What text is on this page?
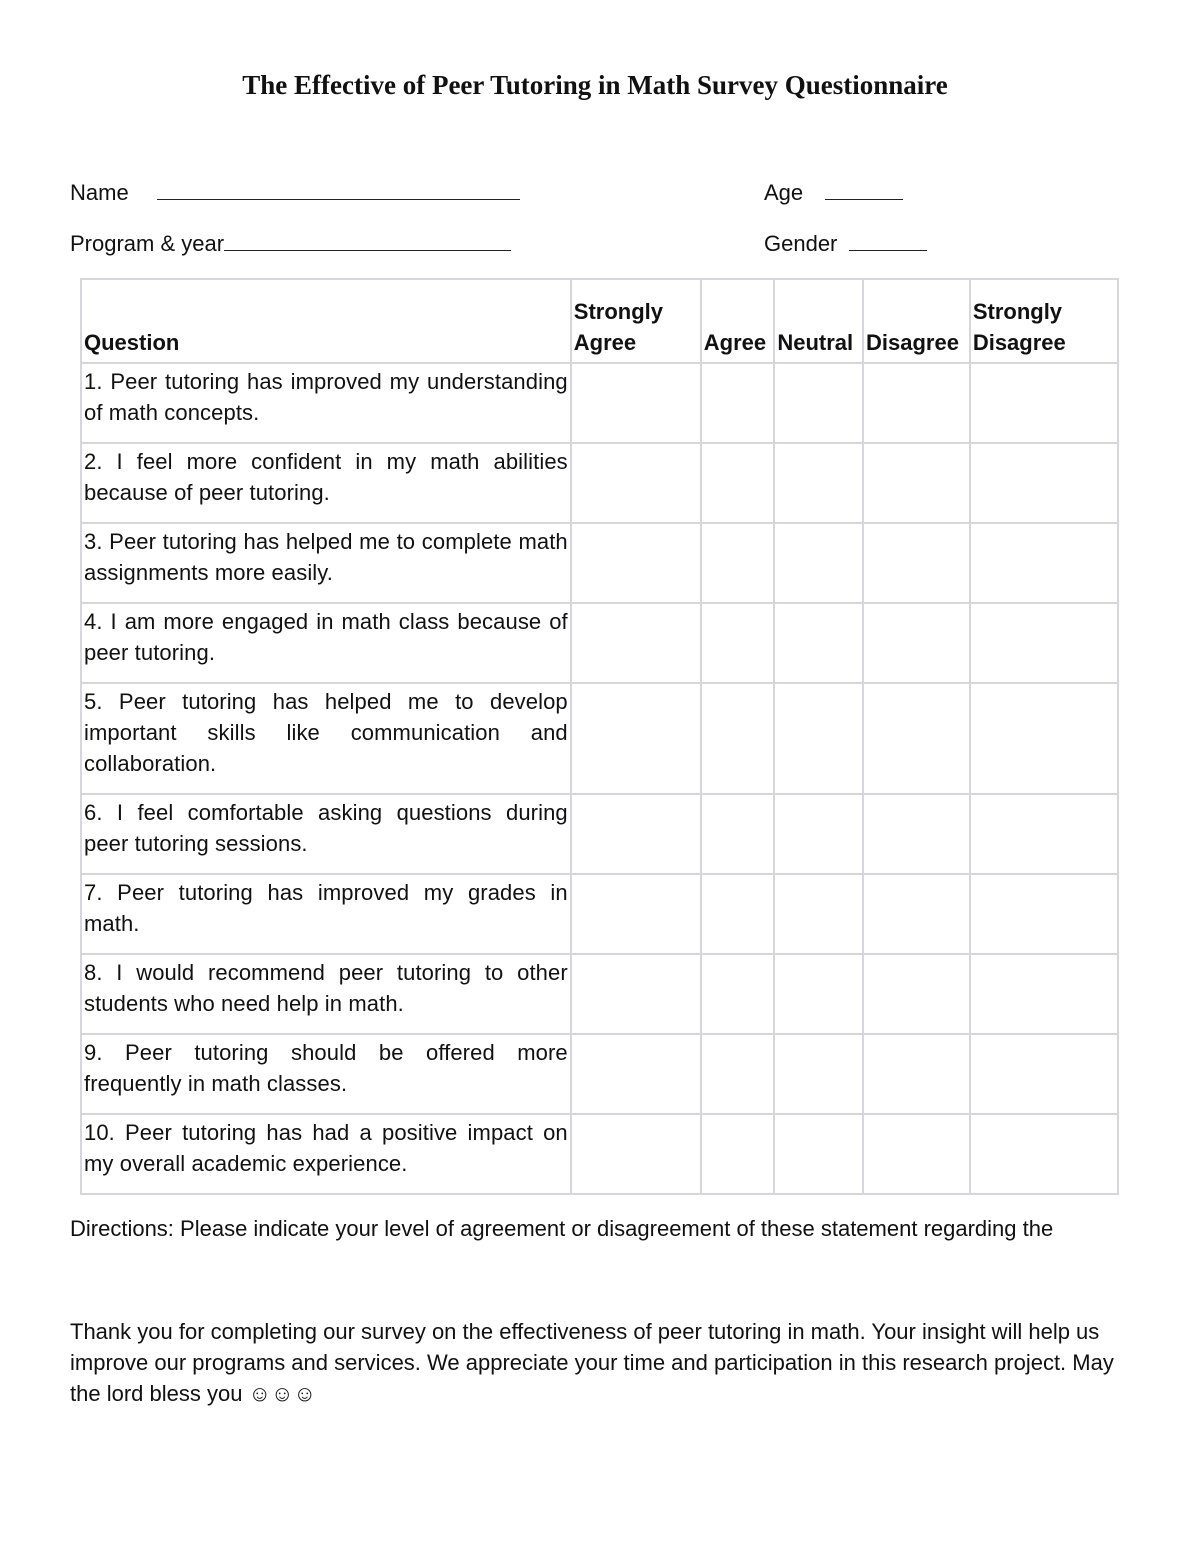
The Effective of Peer Tutoring in Math Survey Questionnaire
Name	Age
Program & year	Gender
Question	Strongly Agree	Agree	Neutral	Disagree	Strongly Disagree
1. Peer tutoring has improved my understanding of math concepts.					
2. I feel more confident in my math abilities because of peer tutoring.					
3. Peer tutoring has helped me to complete math assignments more easily.					
4. I am more engaged in math class because of peer tutoring.					
5. Peer tutoring has helped me to develop important skills like communication and collaboration.					
6. I feel comfortable asking questions during peer tutoring sessions.					
7. Peer tutoring has improved my grades in math.					
8. I would recommend peer tutoring to other students who need help in math.					
9. Peer tutoring should be offered more frequently in math classes.					
10. Peer tutoring has had a positive impact on my overall academic experience.					

Directions: Please indicate your level of agreement or disagreement of these statement regarding the

Thank you for completing our survey on the effectiveness of peer tutoring in math. Your insight will help us improve our programs and services. We appreciate your time and participation in this research project. May the lord bless you ☺☺☺
